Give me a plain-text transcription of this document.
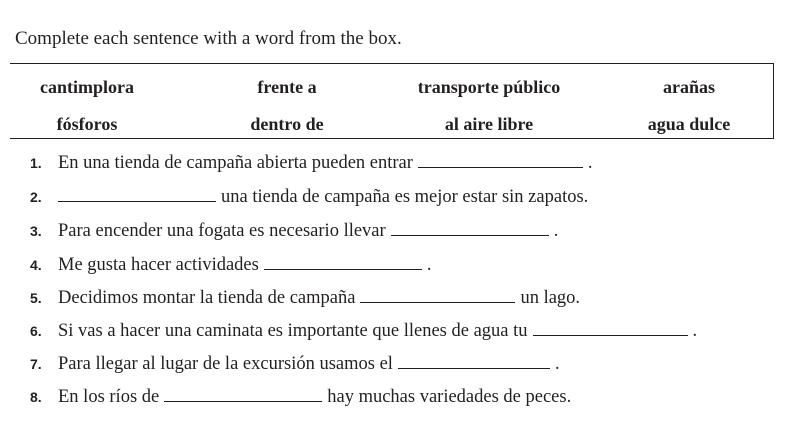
Complete each sentence with a word from the box.
cantimplora	frente a	transporte público	arañas
fósforos	dentro de	al aire libre	agua dulce
1. En una tienda de campaña abierta pueden entrar	.
2.	una tienda de campaña es mejor estar sin zapatos.
3. Para encender una fogata es necesario llevar	.
4. Me gusta hacer actividades	.
5. Decidimos montar la tienda de campaña	un lago.
6. Si vas a hacer una caminata es importante que llenes de agua tu	.
7. Para llegar al lugar de la excursión usamos el	.
8. En los ríos de	hay muchas variedades de peces.
